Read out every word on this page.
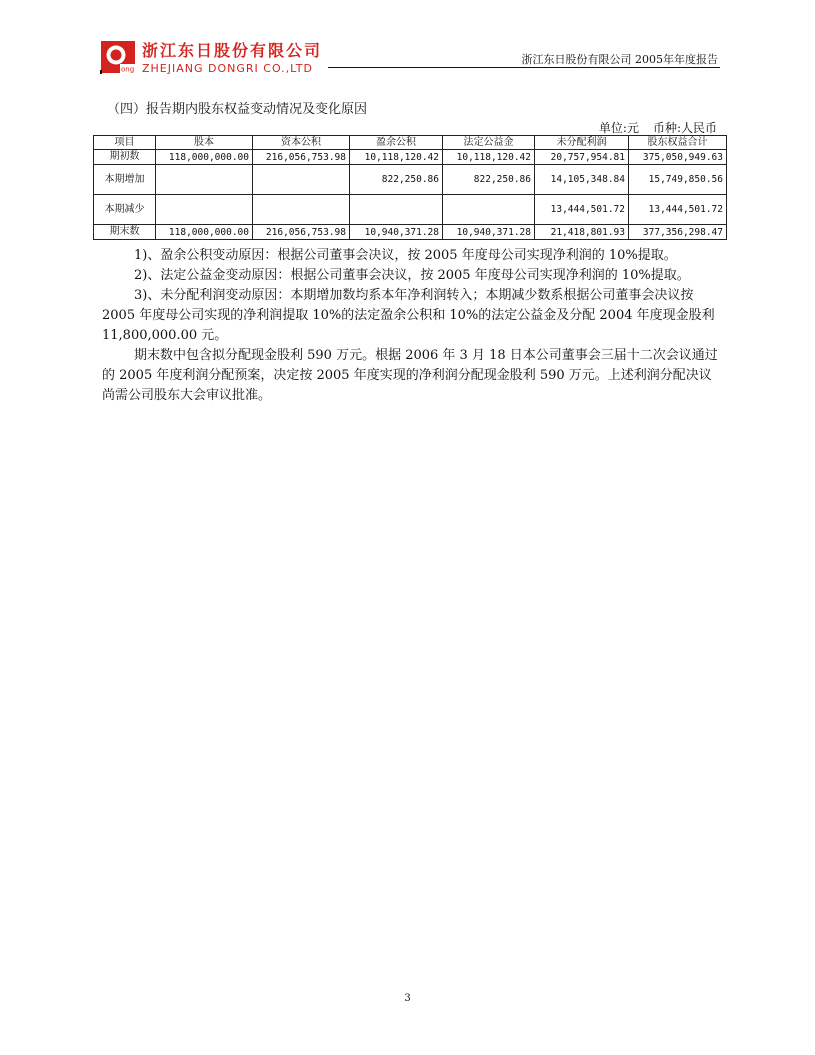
ong
浙江东日股份有限公司
ZHEJIANG DONGRI CO.,LTD
浙江东日股份有限公司 2005年年度报告
（四）报告期内股东权益变动情况及变化原因
单位:元 币种:人民币
项目	股本	资本公积	盈余公积	法定公益金	未分配利润	股东权益合计
期初数	118,000,000.00	216,056,753.98	10,118,120.42	10,118,120.42	20,757,954.81	375,050,949.63
本期增加			822,250.86	822,250.86	14,105,348.84	15,749,850.56
本期减少					13,444,501.72	13,444,501.72
期末数	118,000,000.00	216,056,753.98	10,940,371.28	10,940,371.28	21,418,801.93	377,356,298.47

1)、盈余公积变动原因：根据公司董事会决议，按 2005 年度母公司实现净利润的 10%提取。

2)、法定公益金变动原因：根据公司董事会决议，按 2005 年度母公司实现净利润的 10%提取。

3)、未分配利润变动原因：本期增加数均系本年净利润转入；本期减少数系根据公司董事会决议按 2005 年度母公司实现的净利润提取 10%的法定盈余公积和 10%的法定公益金及分配 2004 年度现金股利 11,800,000.00 元。

期末数中包含拟分配现金股利 590 万元。根据 2006 年 3 月 18 日本公司董事会三届十二次会议通过的 2005 年度利润分配预案，决定按 2005 年度实现的净利润分配现金股利 590 万元。上述利润分配决议尚需公司股东大会审议批准。

3
